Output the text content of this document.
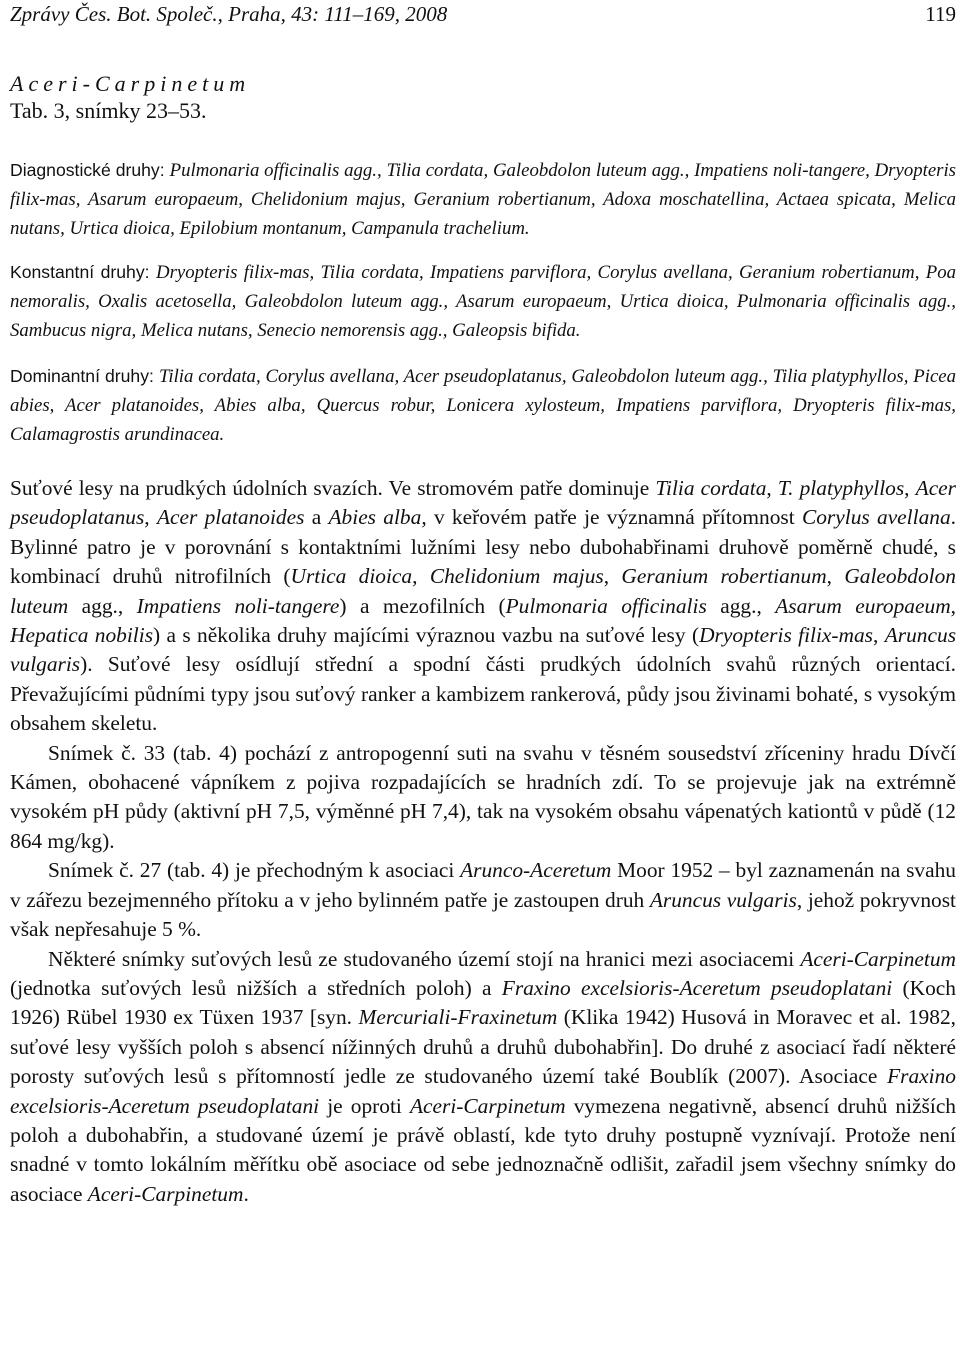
Zprávy Čes. Bot. Společ., Praha, 43: 111–169, 2008	119
Aceri-Carpinetum
Tab. 3, snímky 23–53.
Diagnostické druhy: Pulmonaria officinalis agg., Tilia cordata, Galeobdolon luteum agg., Impatiens noli-tangere, Dryopteris filix-mas, Asarum europaeum, Chelidonium majus, Geranium robertianum, Adoxa moschatellina, Actaea spicata, Melica nutans, Urtica dioica, Epilobium montanum, Campanula trachelium.
Konstantní druhy: Dryopteris filix-mas, Tilia cordata, Impatiens parviflora, Corylus avellana, Geranium robertianum, Poa nemoralis, Oxalis acetosella, Galeobdolon luteum agg., Asarum europaeum, Urtica dioica, Pulmonaria officinalis agg., Sambucus nigra, Melica nutans, Senecio nemorensis agg., Galeopsis bifida.
Dominantní druhy: Tilia cordata, Corylus avellana, Acer pseudoplatanus, Galeobdolon luteum agg., Tilia platyphyllos, Picea abies, Acer platanoides, Abies alba, Quercus robur, Lonicera xylosteum, Impatiens parviflora, Dryopteris filix-mas, Calamagrostis arundinacea.

Suťové lesy na prudkých údolních svazích. Ve stromovém patře dominuje Tilia cordata, T. platyphyllos, Acer pseudoplatanus, Acer platanoides a Abies alba, v keřovém patře je významná přítomnost Corylus avellana. Bylinné patro je v porovnání s kontaktními lužními lesy nebo dubohabřinami druhově poměrně chudé, s kombinací druhů nitrofilních (Urtica dioica, Chelidonium majus, Geranium robertianum, Galeobdolon luteum agg., Impatiens noli-tangere) a mezofilních (Pulmonaria officinalis agg., Asarum europaeum, Hepatica nobilis) a s několika druhy majícími výraznou vazbu na suťové lesy (Dryopteris filix-mas, Aruncus vulgaris). Suťové lesy osídlují střední a spodní části prudkých údolních svahů různých orientací. Převažujícími půdními typy jsou suťový ranker a kambizem rankerová, půdy jsou živinami bohaté, s vysokým obsahem skeletu.

Snímek č. 33 (tab. 4) pochází z antropogenní suti na svahu v těsném sousedství zříceniny hradu Dívčí Kámen, obohacené vápníkem z pojiva rozpadajících se hradních zdí. To se projevuje jak na extrémně vysokém pH půdy (aktivní pH 7,5, výměnné pH 7,4), tak na vysokém obsahu vápenatých kationtů v půdě (12 864 mg/kg).

Snímek č. 27 (tab. 4) je přechodným k asociaci Arunco-Aceretum Moor 1952 – byl zaznamenán na svahu v zářezu bezejmenného přítoku a v jeho bylinném patře je zastoupen druh Aruncus vulgaris, jehož pokryvnost však nepřesahuje 5 %.

Některé snímky suťových lesů ze studovaného území stojí na hranici mezi asociacemi Aceri-Carpinetum (jednotka suťových lesů nižších a středních poloh) a Fraxino excelsioris-Aceretum pseudoplatani (Koch 1926) Rübel 1930 ex Tüxen 1937 [syn. Mercuriali-Fraxinetum (Klika 1942) Husová in Moravec et al. 1982, suťové lesy vyšších poloh s absencí nížinných druhů a druhů dubohabřin]. Do druhé z asociací řadí některé porosty suťových lesů s přítomností jedle ze studovaného území také Boublík (2007). Asociace Fraxino excelsioris-Aceretum pseudoplatani je oproti Aceri-Carpinetum vymezena negativně, absencí druhů nižších poloh a dubohabřin, a studované území je právě oblastí, kde tyto druhy postupně vyznívají. Protože není snadné v tomto lokálním měřítku obě asociace od sebe jednoznačně odlišit, zařadil jsem všechny snímky do asociace Aceri-Carpinetum.
